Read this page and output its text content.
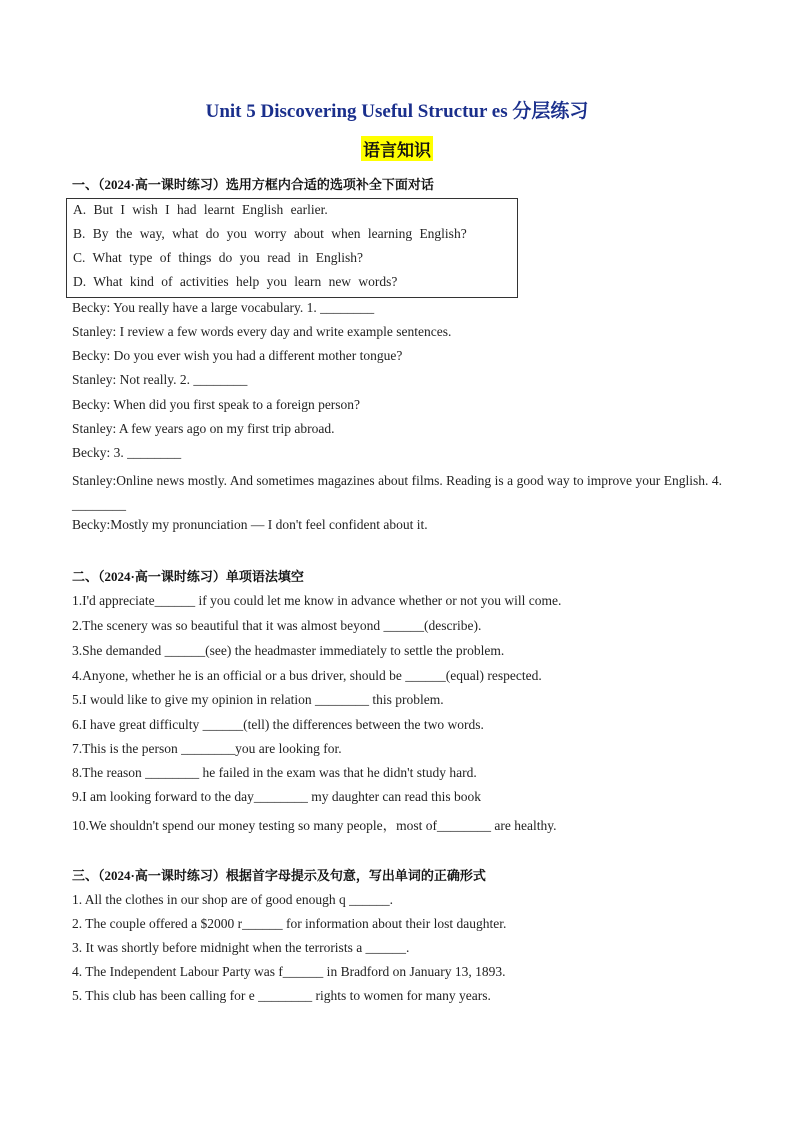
Unit 5 Discovering Useful Structur es 分层练习
语言知识
一、（2024·高一课时练习）选用方框内合适的选项补全下面对话
A. But I wish I had learnt English earlier.
B. By the way, what do you worry about when learning English?
C. What type of things do you read in English?
D. What kind of activities help you learn new words?
Becky: You really have a large vocabulary. 1. ________
Stanley: I review a few words every day and write example sentences.
Becky: Do you ever wish you had a different mother tongue?
Stanley: Not really. 2. ________
Becky: When did you first speak to a foreign person?
Stanley: A few years ago on my first trip abroad.
Becky: 3. ________
Stanley:Online news mostly. And sometimes magazines about films. Reading is a good way to improve your English. 4. ________
Becky:Mostly my pronunciation — I don't feel confident about it.
二、（2024·高一课时练习）单项语法填空
1.I'd appreciate______ if you could let me know in advance whether or not you will come.
2.The scenery was so beautiful that it was almost beyond ______(describe).
3.She demanded ______(see) the headmaster immediately to settle the problem.
4.Anyone, whether he is an official or a bus driver, should be ______(equal) respected.
5.I would like to give my opinion in relation ________ this problem.
6.I have great difficulty ______(tell) the differences between the two words.
7.This is the person ________you are looking for.
8.The reason ________ he failed in the exam was that he didn't study hard.
9.I am looking forward to the day________ my daughter can read this book
10.We shouldn't spend our money testing so many people，most of________ are healthy.
三、（2024·高一课时练习）根据首字母提示及句意，写出单词的正确形式
1. All the clothes in our shop are of good enough q ______.
2. The couple offered a $2000 r______ for information about their lost daughter.
3. It was shortly before midnight when the terrorists a ______.
4. The Independent Labour Party was f______ in Bradford on January 13, 1893.
5. This club has been calling for e ________ rights to women for many years.
